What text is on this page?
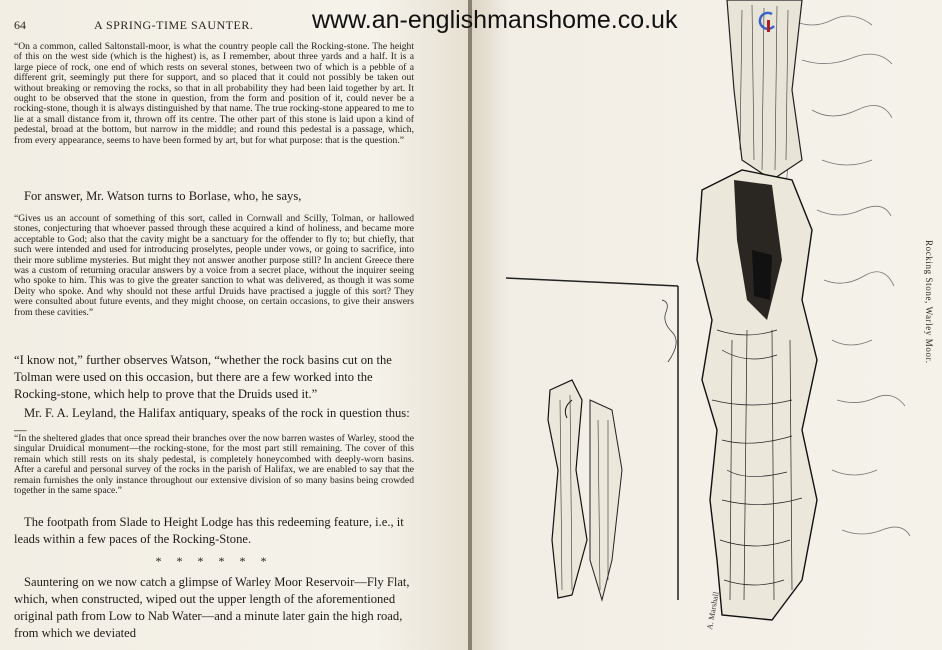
64	A SPRING-TIME SAUNTER.

“On a common, called Saltonstall-moor, is what the country people call the Rocking-stone. The height of this on the west side (which is the highest) is, as I remember, about three yards and a half. It is a large piece of rock, one end of which rests on several stones, between two of which is a pebble of a different grit, seemingly put there for support, and so placed that it could not possibly be taken out without breaking or removing the rocks, so that in all probability they had been laid together by art. It ought to be observed that the stone in question, from the form and position of it, could never be a rocking-stone, though it is always distinguished by that name. The true rocking-stone appeared to me to lie at a small distance from it, thrown off its centre. The other part of this stone is laid upon a kind of pedestal, broad at the bottom, but narrow in the middle; and round this pedestal is a passage, which, from every appearance, seems to have been formed by art, but for what purpose: that is the question.”

For answer, Mr. Watson turns to Borlase, who, he says,

“Gives us an account of something of this sort, called in Cornwall and Scilly, Tolman, or hallowed stones, conjecturing that whoever passed through these acquired a kind of holiness, and became more acceptable to God; also that the cavity might be a sanctuary for the offender to fly to; but chiefly, that such were intended and used for introducing proselytes, people under vows, or going to sacrifice, into their more sublime mysteries. But might they not answer another purpose still? In ancient Greece there was a custom of returning oracular answers by a voice from a secret place, without the inquirer seeing who spoke to him. This was to give the greater sanction to what was delivered, as though it was some Deity who spoke. And why should not these artful Druids have practised a juggle of this sort? They were consulted about future events, and they might choose, on certain occasions, to give their answers from these cavities.”

“I know not,” further observes Watson, “whether the rock basins cut on the Tolman were used on this occasion, but there are a few worked into the Rocking-stone, which help to prove that the Druids used it.”

Mr. F. A. Leyland, the Halifax antiquary, speaks of the rock in question thus:—

“In the sheltered glades that once spread their branches over the now barren wastes of Warley, stood the singular Druidical monument—the rocking-stone, for the most part still remaining. The cover of this remain which still rests on its shaly pedestal, is completely honeycombed with deeply-worn basins. After a careful and personal survey of the rocks in the parish of Halifax, we are enabled to say that the remain furnishes the only instance throughout our extensive division of so many basins being crowded together in the same space.”

The footpath from Slade to Height Lodge has this redeeming feature, i.e., it leads within a few paces of the Rocking-Stone.

* * * * * *

Sauntering on we now catch a glimpse of Warley Moor Reservoir—Fly Flat, which, when constructed, wiped out the upper length of the aforementioned original path from Low to Nab Water—and a minute later gain the high road, from which we deviated

A. Marshall
Rocking Stone, Warley Moor.
www.an-englishmanshome.co.uk
